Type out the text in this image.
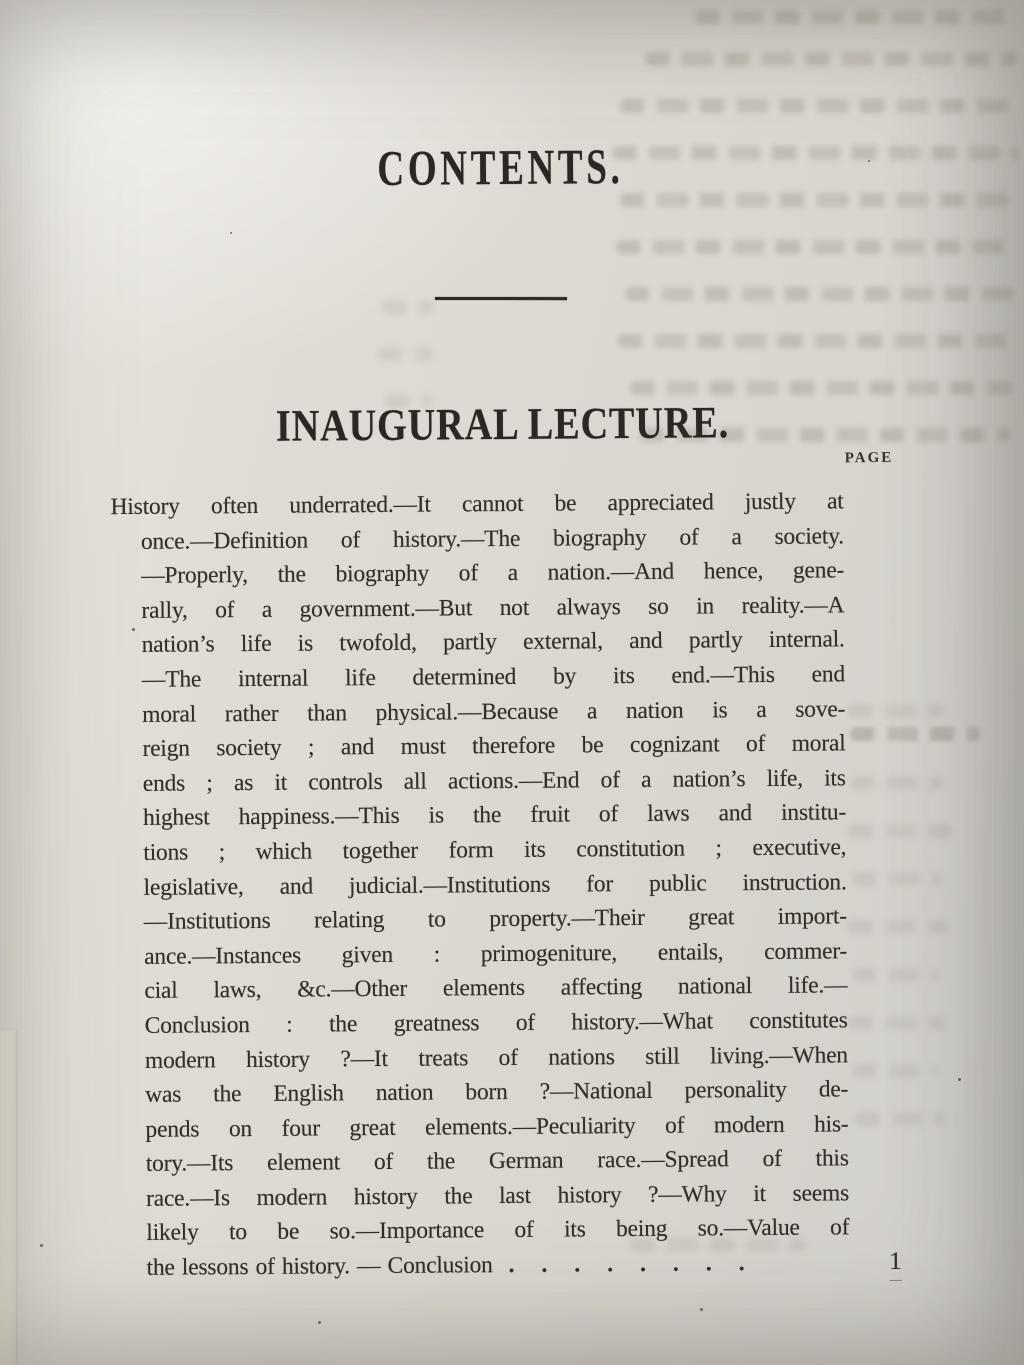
CONTENTS.
INAUGURAL LECTURE.
PAGE
History often underrated.—It cannot be appreciated justly at
once.—Definition of history.—The biography of a society.
—Properly, the biography of a nation.—And hence, gene-
rally, of a government.—But not always so in reality.—A
nation’s life is twofold, partly external, and partly internal.
—The internal life determined by its end.—This end
moral rather than physical.—Because a nation is a sove-
reign society ; and must therefore be cognizant of moral
ends ; as it controls all actions.—End of a nation’s life, its
highest happiness.—This is the fruit of laws and institu-
tions ; which together form its constitution ; executive,
legislative, and judicial.—Institutions for public instruction.
—Institutions relating to property.—Their great import-
ance.—Instances given : primogeniture, entails, commer-
cial laws, &c.—Other elements affecting national life.—
Conclusion : the greatness of history.—What constitutes
modern history ?—It treats of nations still living.—When
was the English nation born ?—National personality de-
pends on four great elements.—Peculiarity of modern his-
tory.—Its element of the German race.—Spread of this
race.—Is modern history the last history ?—Why it seems
likely to be so.—Importance of its being so.—Value of
the lessons of history. — Conclusion ........	1
